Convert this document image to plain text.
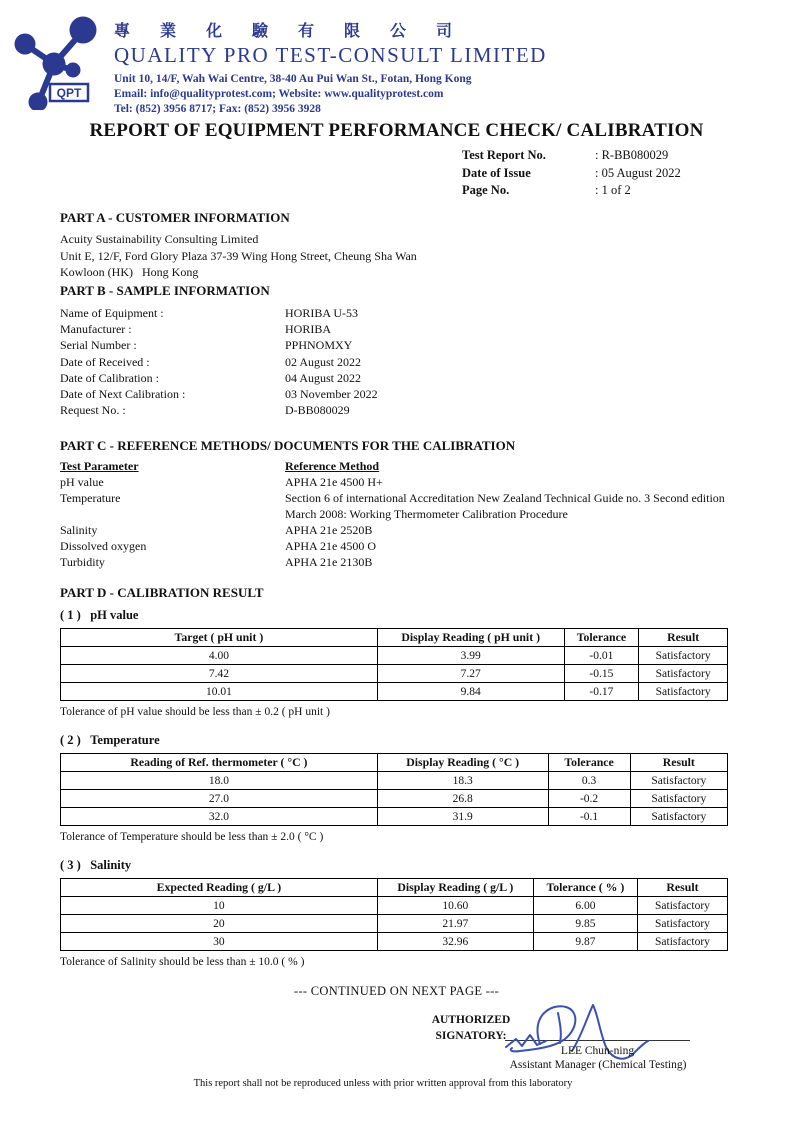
QPT
專 業 化 驗 有 限 公 司
QUALITY PRO TEST-CONSULT LIMITED
Unit 10, 14/F, Wah Wai Centre, 38-40 Au Pui Wan St., Fotan, Hong Kong
Email: info@qualityprotest.com; Website: www.qualityprotest.com
Tel: (852) 3956 8717; Fax: (852) 3956 3928
REPORT OF EQUIPMENT PERFORMANCE CHECK/ CALIBRATION
Test Report No.	: R-BB080029
Date of Issue	: 05 August 2022
Page No.	: 1 of 2
PART A - CUSTOMER INFORMATION
Acuity Sustainability Consulting Limited
Unit E, 12/F, Ford Glory Plaza 37-39 Wing Hong Street, Cheung Sha Wan
Kowloon (HK)   Hong Kong
PART B - SAMPLE INFORMATION
Name of Equipment :	HORIBA U-53
Manufacturer :	HORIBA
Serial Number :	PPHNOMXY
Date of Received :	02 August 2022
Date of Calibration :	04 August 2022
Date of Next Calibration :	03 November 2022
Request No. :	D-BB080029
PART C - REFERENCE METHODS/ DOCUMENTS FOR THE CALIBRATION
Test Parameter	Reference Method
pH value	APHA 21e 4500 H+
Temperature	Section 6 of international Accreditation New Zealand Technical Guide no. 3 Second edition March 2008: Working Thermometer Calibration Procedure
Salinity	APHA 21e 2520B
Dissolved oxygen	APHA 21e 4500 O
Turbidity	APHA 21e 2130B
PART D - CALIBRATION RESULT
( 1 )   pH value
Target ( pH unit )	Display Reading ( pH unit )	Tolerance	Result
4.00	3.99	-0.01	Satisfactory
7.42	7.27	-0.15	Satisfactory
10.01	9.84	-0.17	Satisfactory
Tolerance of pH value should be less than ± 0.2 ( pH unit )
( 2 )   Temperature
Reading of Ref. thermometer ( °C )	Display Reading ( °C )	Tolerance	Result
18.0	18.3	0.3	Satisfactory
27.0	26.8	-0.2	Satisfactory
32.0	31.9	-0.1	Satisfactory
Tolerance of Temperature should be less than ± 2.0 ( °C )
( 3 )   Salinity
Expected Reading ( g/L )	Display Reading ( g/L )	Tolerance ( % )	Result
10	10.60	6.00	Satisfactory
20	21.97	9.85	Satisfactory
30	32.96	9.87	Satisfactory
Tolerance of Salinity should be less than ± 10.0 ( % )
--- CONTINUED ON NEXT PAGE ---
AUTHORIZED
SIGNATORY:
LEE Chun-ning
Assistant Manager (Chemical Testing)
This report shall not be reproduced unless with prior written approval from this laboratory
